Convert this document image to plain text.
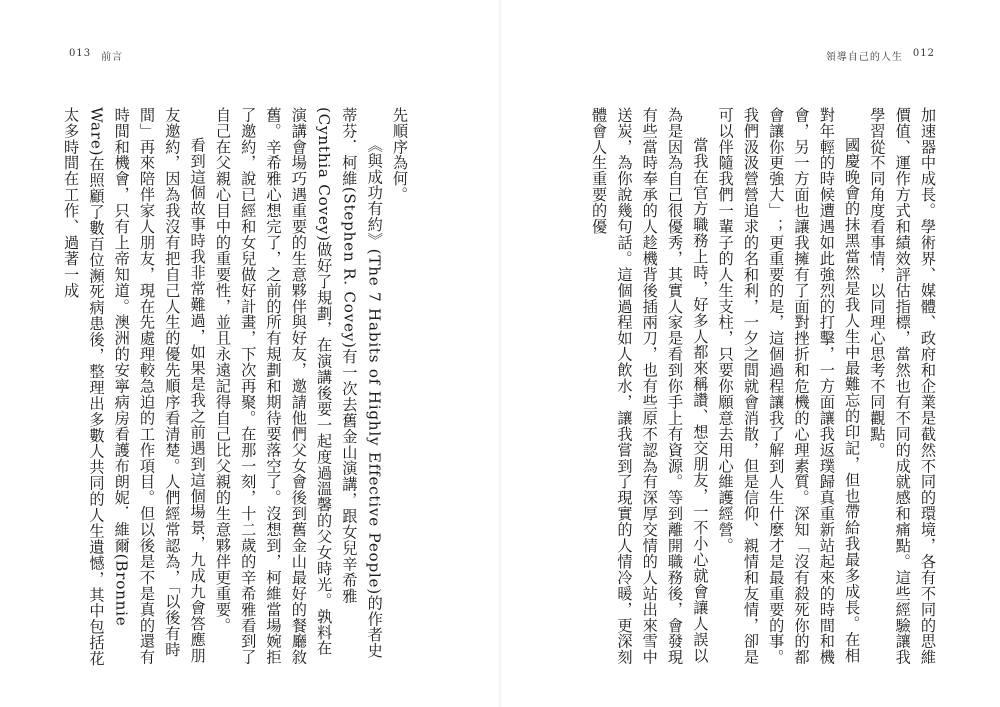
013 前言

先順序為何。

《與成功有約》(The 7 Habits of Highly Effective People)的作者史蒂芬．柯維(Stephen R. Covey)有一次去舊金山演講，跟女兒辛希雅(Cynthia Covey)做好了規劃，在演講後要一起度過溫馨的父女時光。孰料在演講會場巧遇重要的生意夥伴與好友，邀請他們父女會後到舊金山最好的餐廳敘舊。辛希雅心想完了，之前的所有規劃和期待要落空了。沒想到，柯維當場婉拒了邀約，說已經和女兒做好計畫，下次再聚。在那一刻，十二歲的辛希雅看到了自己在父親心目中的重要性，並且永遠記得自己比父親的生意夥伴更重要。

看到這個故事時我非常難過，如果是我之前遇到這個場景，九成九會答應朋友邀約，因為我沒有把自己人生的優先順序看清楚。人們經常認為，「以後有時間」再來陪伴家人朋友，現在先處理較急迫的工作項目。但以後是不是真的還有時間和機會，只有上帝知道。澳洲的安寧病房看護布朗妮．維爾(Bronnie Ware)在照顧了數百位瀕死病患後，整理出多數人共同的人生遺憾，其中包括花太多時間在工作、過著一成

領導自己的人生 012

加速器中成長。學術界、媒體、政府和企業是截然不同的環境，各有不同的思維價值、運作方式和績效評估指標，當然也有不同的成就感和痛點。這些經驗讓我學習從不同角度看事情，以同理心思考不同觀點。

國慶晚會的抹黑當然是我人生中最難忘的印記，但也帶給我最多成長。在相對年輕的時候遭遇如此強烈的打擊，一方面讓我返璞歸真重新站起來的時間和機會，另一方面也讓我擁有了面對挫折和危機的心理素質。深知「沒有殺死你的都會讓你更強大」；更重要的是，這個過程讓我了解到人生什麼才是最重要的事。我們汲汲營營追求的名和利，一夕之間就會消散，但是信仰、親情和友情，卻是可以伴隨我們一輩子的人生支柱，只要你願意去用心維護經營。

當我在官方職務上時，好多人都來稱讚、想交朋友，一不小心就會讓人誤以為是因為自己很優秀，其實人家是看到你手上有資源。等到離開職務後，會發現有些當時奉承的人趁機背後插兩刀，也有些原不認為有深厚交情的人站出來雪中送炭，為你說幾句話。這個過程如人飲水，讓我嘗到了現實的人情冷暖，更深刻體會人生重要的優
